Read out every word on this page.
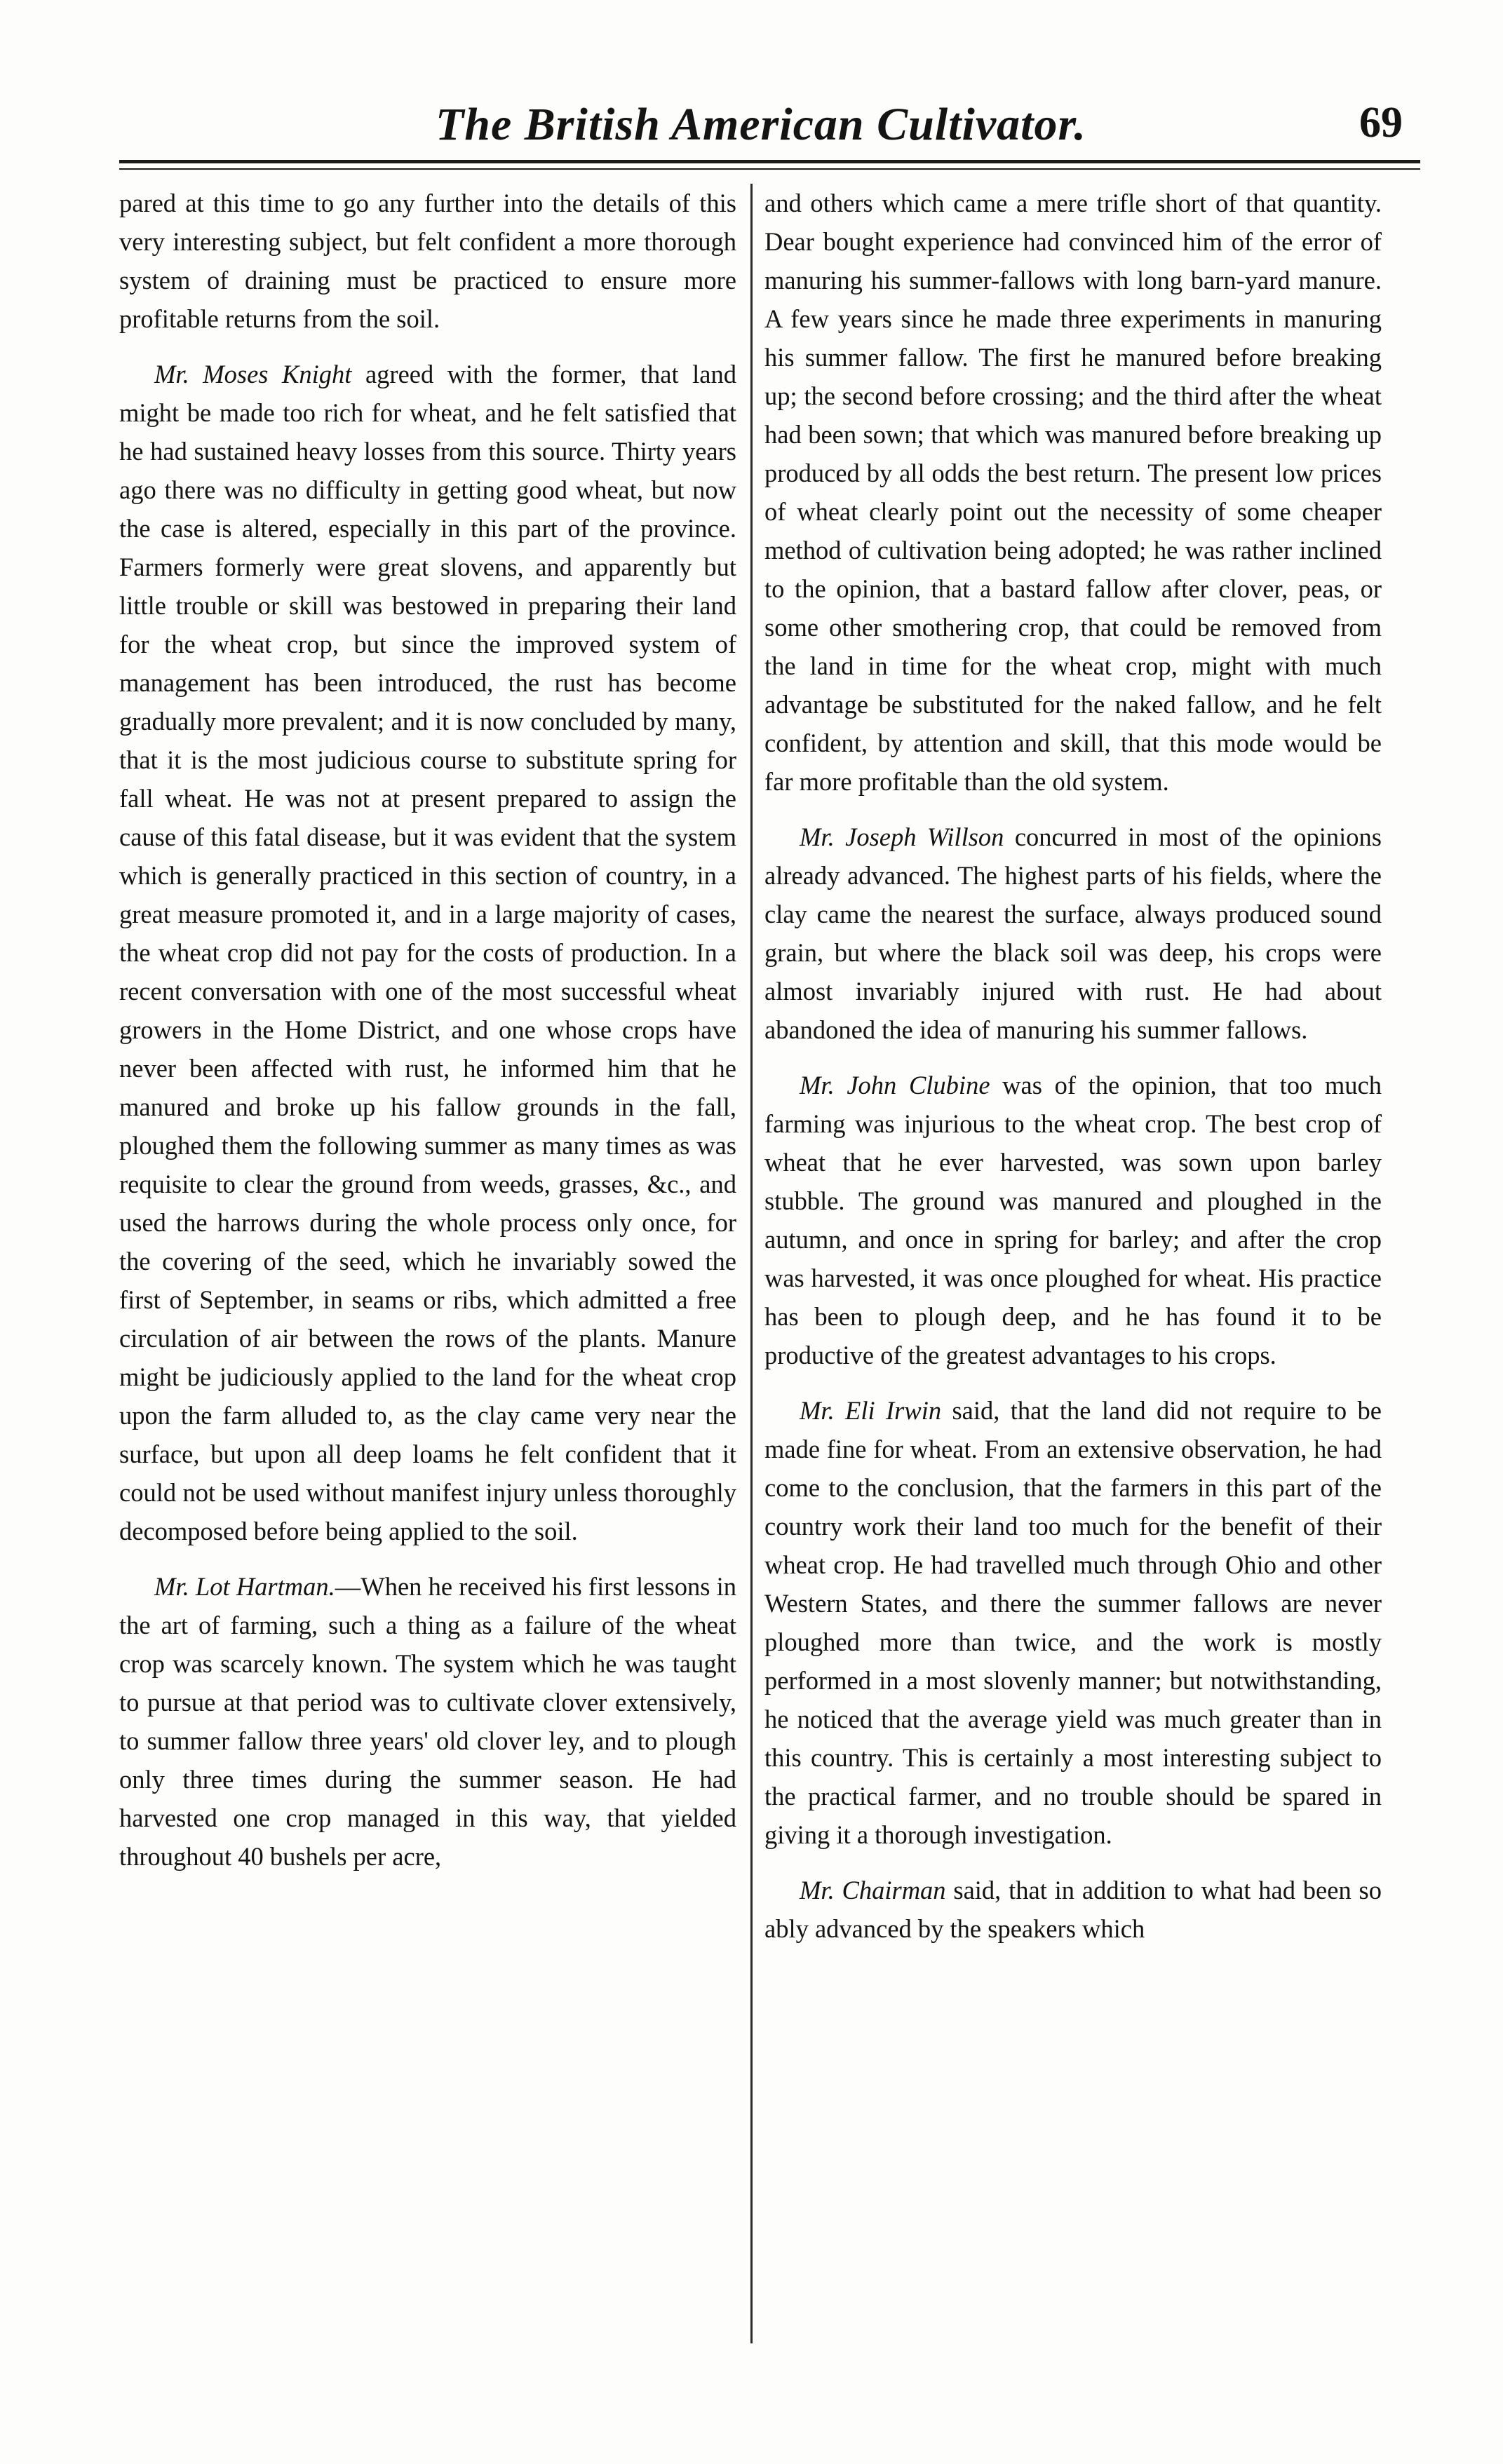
The British American Cultivator.	69

pared at this time to go any further into the details of this very interesting subject, but felt confident a more thorough system of draining must be practiced to ensure more profitable returns from the soil.

Mr. Moses Knight agreed with the former, that land might be made too rich for wheat, and he felt satisfied that he had sustained heavy losses from this source. Thirty years ago there was no difficulty in getting good wheat, but now the case is altered, especially in this part of the province. Farmers formerly were great slovens, and apparently but little trouble or skill was bestowed in preparing their land for the wheat crop, but since the improved system of management has been introduced, the rust has become gradually more prevalent; and it is now concluded by many, that it is the most judicious course to substitute spring for fall wheat. He was not at present prepared to assign the cause of this fatal disease, but it was evident that the system which is generally practiced in this section of country, in a great measure promoted it, and in a large majority of cases, the wheat crop did not pay for the costs of production. In a recent conversation with one of the most successful wheat growers in the Home District, and one whose crops have never been affected with rust, he informed him that he manured and broke up his fallow grounds in the fall, ploughed them the following summer as many times as was requisite to clear the ground from weeds, grasses, &c., and used the harrows during the whole process only once, for the covering of the seed, which he invariably sowed the first of September, in seams or ribs, which admitted a free circulation of air between the rows of the plants. Manure might be judiciously applied to the land for the wheat crop upon the farm alluded to, as the clay came very near the surface, but upon all deep loams he felt confident that it could not be used without manifest injury unless thoroughly decomposed before being applied to the soil.

Mr. Lot Hartman.—When he received his first lessons in the art of farming, such a thing as a failure of the wheat crop was scarcely known. The system which he was taught to pursue at that period was to cultivate clover extensively, to summer fallow three years' old clover ley, and to plough only three times during the summer season. He had harvested one crop managed in this way, that yielded throughout 40 bushels per acre,

and others which came a mere trifle short of that quantity. Dear bought experience had convinced him of the error of manuring his summer-fallows with long barn-yard manure. A few years since he made three experiments in manuring his summer fallow. The first he manured before breaking up; the second before crossing; and the third after the wheat had been sown; that which was manured before breaking up produced by all odds the best return. The present low prices of wheat clearly point out the necessity of some cheaper method of cultivation being adopted; he was rather inclined to the opinion, that a bastard fallow after clover, peas, or some other smothering crop, that could be removed from the land in time for the wheat crop, might with much advantage be substituted for the naked fallow, and he felt confident, by attention and skill, that this mode would be far more profitable than the old system.

Mr. Joseph Willson concurred in most of the opinions already advanced. The highest parts of his fields, where the clay came the nearest the surface, always produced sound grain, but where the black soil was deep, his crops were almost invariably injured with rust. He had about abandoned the idea of manuring his summer fallows.

Mr. John Clubine was of the opinion, that too much farming was injurious to the wheat crop. The best crop of wheat that he ever harvested, was sown upon barley stubble. The ground was manured and ploughed in the autumn, and once in spring for barley; and after the crop was harvested, it was once ploughed for wheat. His practice has been to plough deep, and he has found it to be productive of the greatest advantages to his crops.

Mr. Eli Irwin said, that the land did not require to be made fine for wheat. From an extensive observation, he had come to the conclusion, that the farmers in this part of the country work their land too much for the benefit of their wheat crop. He had travelled much through Ohio and other Western States, and there the summer fallows are never ploughed more than twice, and the work is mostly performed in a most slovenly manner; but notwithstanding, he noticed that the average yield was much greater than in this country. This is certainly a most interesting subject to the practical farmer, and no trouble should be spared in giving it a thorough investigation.

Mr. Chairman said, that in addition to what had been so ably advanced by the speakers which
